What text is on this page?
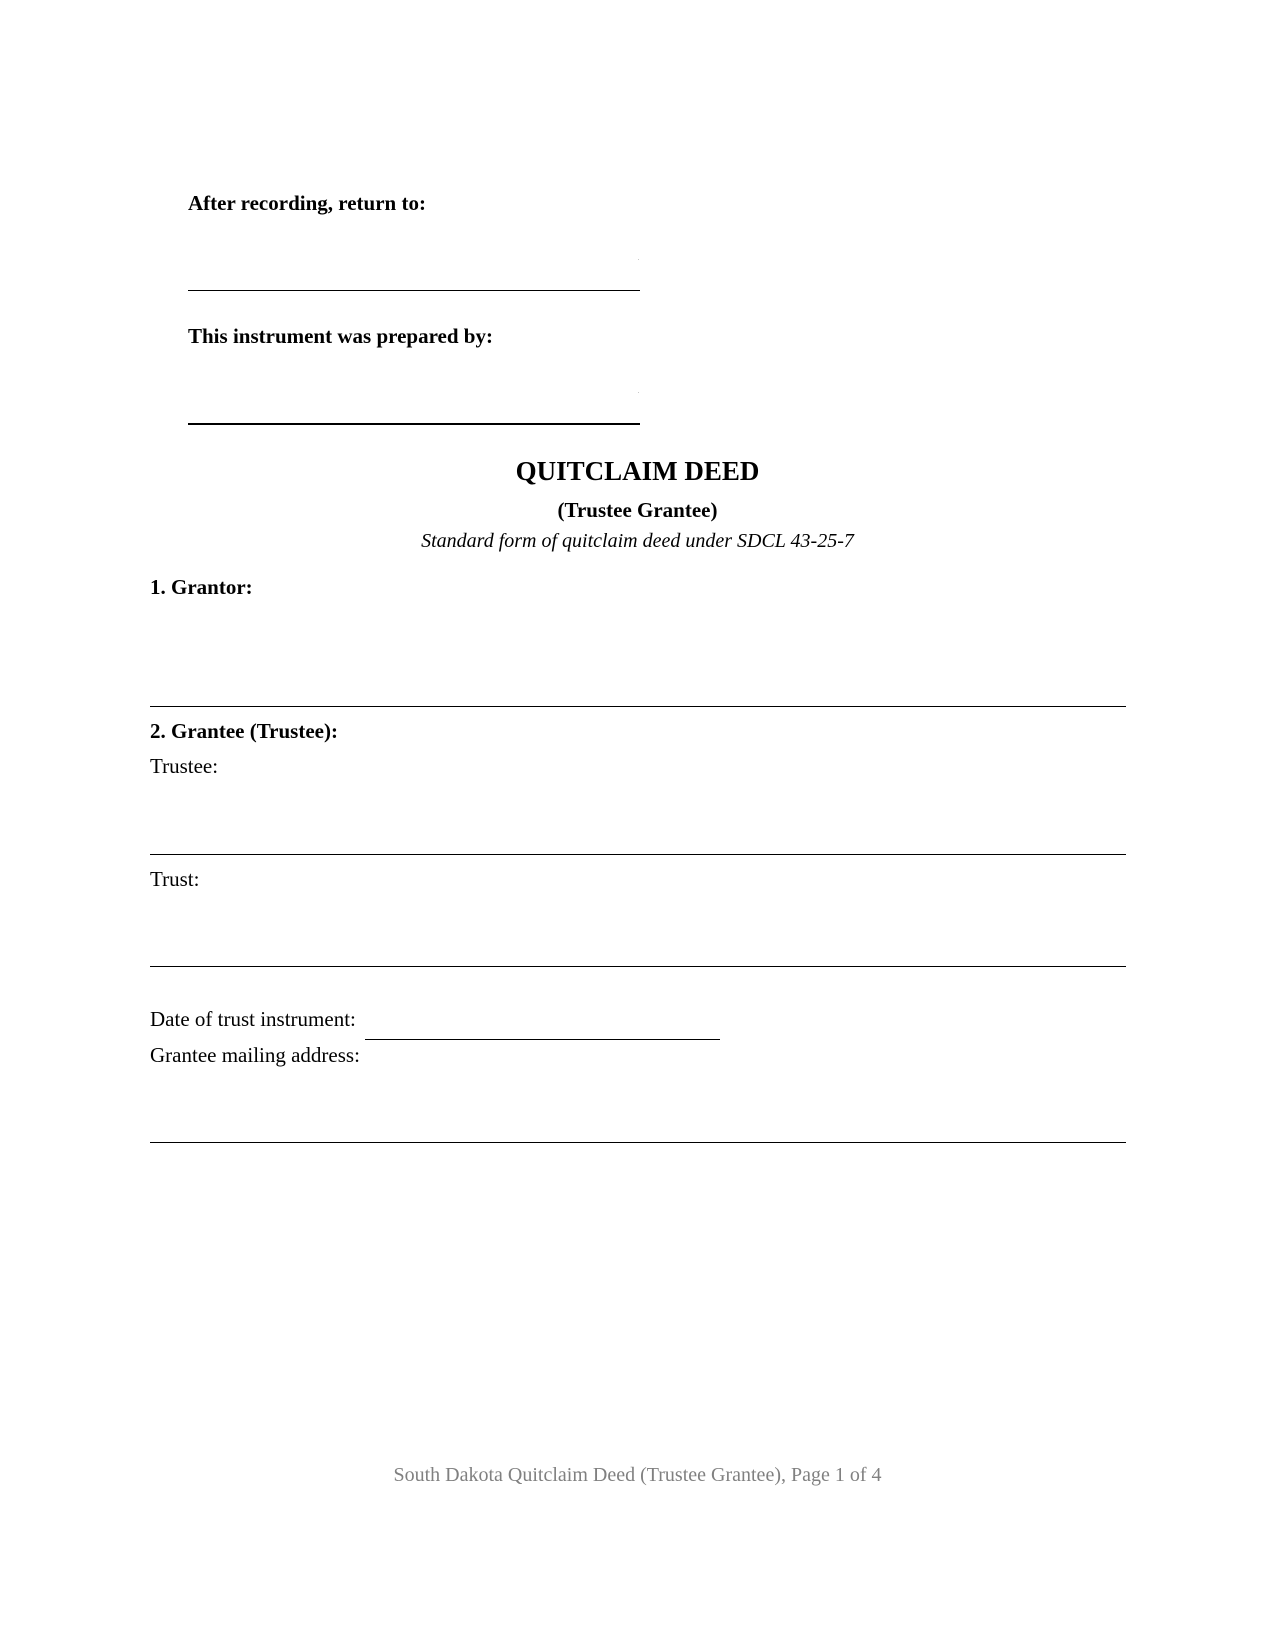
After recording, return to:
This instrument was prepared by:
QUITCLAIM DEED
(Trustee Grantee)
Standard form of quitclaim deed under SDCL 43-25-7
1. Grantor:
2. Grantee (Trustee):
Trustee:
Trust:
Date of trust instrument:
Grantee mailing address:
South Dakota Quitclaim Deed (Trustee Grantee), Page 1 of 4
